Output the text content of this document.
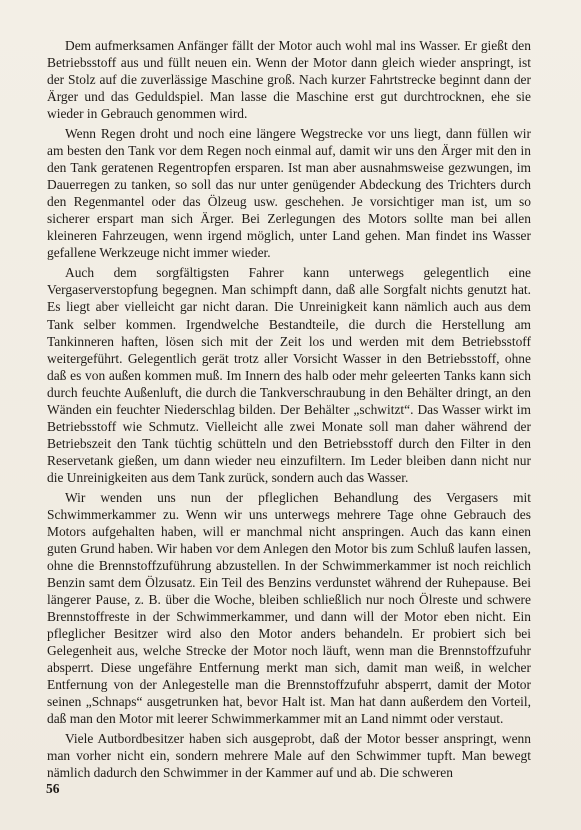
Dem aufmerksamen Anfänger fällt der Motor auch wohl mal ins Wasser. Er gießt den Betriebsstoff aus und füllt neuen ein. Wenn der Motor dann gleich wieder anspringt, ist der Stolz auf die zuverlässige Maschine groß. Nach kurzer Fahrtstrecke beginnt dann der Ärger und das Geduldspiel. Man lasse die Maschine erst gut durchtrocknen, ehe sie wieder in Gebrauch genommen wird.

Wenn Regen droht und noch eine längere Wegstrecke vor uns liegt, dann füllen wir am besten den Tank vor dem Regen noch einmal auf, damit wir uns den Ärger mit den in den Tank geratenen Regentropfen ersparen. Ist man aber ausnahmsweise gezwungen, im Dauerregen zu tanken, so soll das nur unter genügender Abdeckung des Trichters durch den Regenmantel oder das Ölzeug usw. geschehen. Je vorsichtiger man ist, um so sicherer erspart man sich Ärger. Bei Zerlegungen des Motors sollte man bei allen kleineren Fahrzeugen, wenn irgend möglich, unter Land gehen. Man findet ins Wasser gefallene Werkzeuge nicht immer wieder.

Auch dem sorgfältigsten Fahrer kann unterwegs gelegentlich eine Vergaserverstopfung begegnen. Man schimpft dann, daß alle Sorgfalt nichts genutzt hat. Es liegt aber vielleicht gar nicht daran. Die Unreinigkeit kann nämlich auch aus dem Tank selber kommen. Irgendwelche Bestandteile, die durch die Herstellung am Tankinneren haften, lösen sich mit der Zeit los und werden mit dem Betriebsstoff weitergeführt. Gelegentlich gerät trotz aller Vorsicht Wasser in den Betriebsstoff, ohne daß es von außen kommen muß. Im Innern des halb oder mehr geleerten Tanks kann sich durch feuchte Außenluft, die durch die Tankverschraubung in den Behälter dringt, an den Wänden ein feuchter Niederschlag bilden. Der Behälter „schwitzt“. Das Wasser wirkt im Betriebsstoff wie Schmutz. Vielleicht alle zwei Monate soll man daher während der Betriebszeit den Tank tüchtig schütteln und den Betriebsstoff durch den Filter in den Reservetank gießen, um dann wieder neu einzufiltern. Im Leder bleiben dann nicht nur die Unreinigkeiten aus dem Tank zurück, sondern auch das Wasser.

Wir wenden uns nun der pfleglichen Behandlung des Vergasers mit Schwimmerkammer zu. Wenn wir uns unterwegs mehrere Tage ohne Gebrauch des Motors aufgehalten haben, will er manchmal nicht anspringen. Auch das kann einen guten Grund haben. Wir haben vor dem Anlegen den Motor bis zum Schluß laufen lassen, ohne die Brennstoffzuführung abzustellen. In der Schwimmerkammer ist noch reichlich Benzin samt dem Ölzusatz. Ein Teil des Benzins verdunstet während der Ruhepause. Bei längerer Pause, z. B. über die Woche, bleiben schließlich nur noch Ölreste und schwere Brennstoffreste in der Schwimmerkammer, und dann will der Motor eben nicht. Ein pfleglicher Besitzer wird also den Motor anders behandeln. Er probiert sich bei Gelegenheit aus, welche Strecke der Motor noch läuft, wenn man die Brennstoffzufuhr absperrt. Diese ungefähre Entfernung merkt man sich, damit man weiß, in welcher Entfernung von der Anlegestelle man die Brennstoffzufuhr absperrt, damit der Motor seinen „Schnaps“ ausgetrunken hat, bevor Halt ist. Man hat dann außerdem den Vorteil, daß man den Motor mit leerer Schwimmerkammer mit an Land nimmt oder verstaut.

Viele Autbordbesitzer haben sich ausgeprobt, daß der Motor besser anspringt, wenn man vorher nicht ein, sondern mehrere Male auf den Schwimmer tupft. Man bewegt nämlich dadurch den Schwimmer in der Kammer auf und ab. Die schweren

56
